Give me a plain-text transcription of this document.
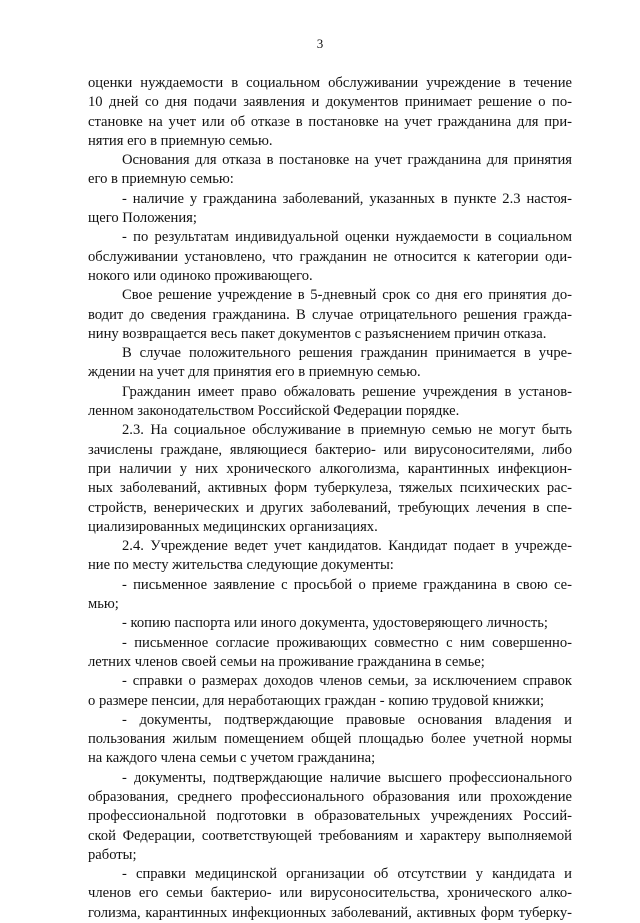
3
оценки нуждаемости в социальном обслуживании учреждение в течение
10 дней со дня подачи заявления и документов принимает решение о по-
становке на учет или об отказе в постановке на учет гражданина для при-
нятия его в приемную семью.
Основания для отказа в постановке на учет гражданина для принятия
его в приемную семью:
- наличие у гражданина заболеваний, указанных в пункте 2.3 настоя-
щего Положения;
- по результатам индивидуальной оценки нуждаемости в социальном
обслуживании установлено, что гражданин не относится к категории оди-
нокого или одиноко проживающего.
Свое решение учреждение в 5-дневный срок со дня его принятия до-
водит до сведения гражданина. В случае отрицательного решения гражда-
нину возвращается весь пакет документов с разъяснением причин отказа.
В случае положительного решения гражданин принимается в учре-
ждении на учет для принятия его в приемную семью.
Гражданин имеет право обжаловать решение учреждения в установ-
ленном законодательством Российской Федерации порядке.
2.3. На социальное обслуживание в приемную семью не могут быть
зачислены граждане, являющиеся бактерио- или вирусоносителями, либо
при наличии у них хронического алкоголизма, карантинных инфекцион-
ных заболеваний, активных форм туберкулеза, тяжелых психических рас-
стройств, венерических и других заболеваний, требующих лечения в спе-
циализированных медицинских организациях.
2.4. Учреждение ведет учет кандидатов. Кандидат подает в учрежде-
ние по месту жительства следующие документы:
- письменное заявление с просьбой о приеме гражданина в свою се-
мью;
- копию паспорта или иного документа, удостоверяющего личность;
- письменное согласие проживающих совместно с ним совершенно-
летних членов своей семьи на проживание гражданина в семье;
- справки о размерах доходов членов семьи, за исключением справок
о размере пенсии, для неработающих граждан - копию трудовой книжки;
- документы, подтверждающие правовые основания владения и
пользования жилым помещением общей площадью более учетной нормы
на каждого члена семьи с учетом гражданина;
- документы, подтверждающие наличие высшего профессионального
образования, среднего профессионального образования или прохождение
профессиональной подготовки в образовательных учреждениях Россий-
ской Федерации, соответствующей требованиям и характеру выполняемой
работы;
- справки медицинской организации об отсутствии у кандидата и
членов его семьи бактерио- или вирусоносительства, хронического алко-
голизма, карантинных инфекционных заболеваний, активных форм туберку-
